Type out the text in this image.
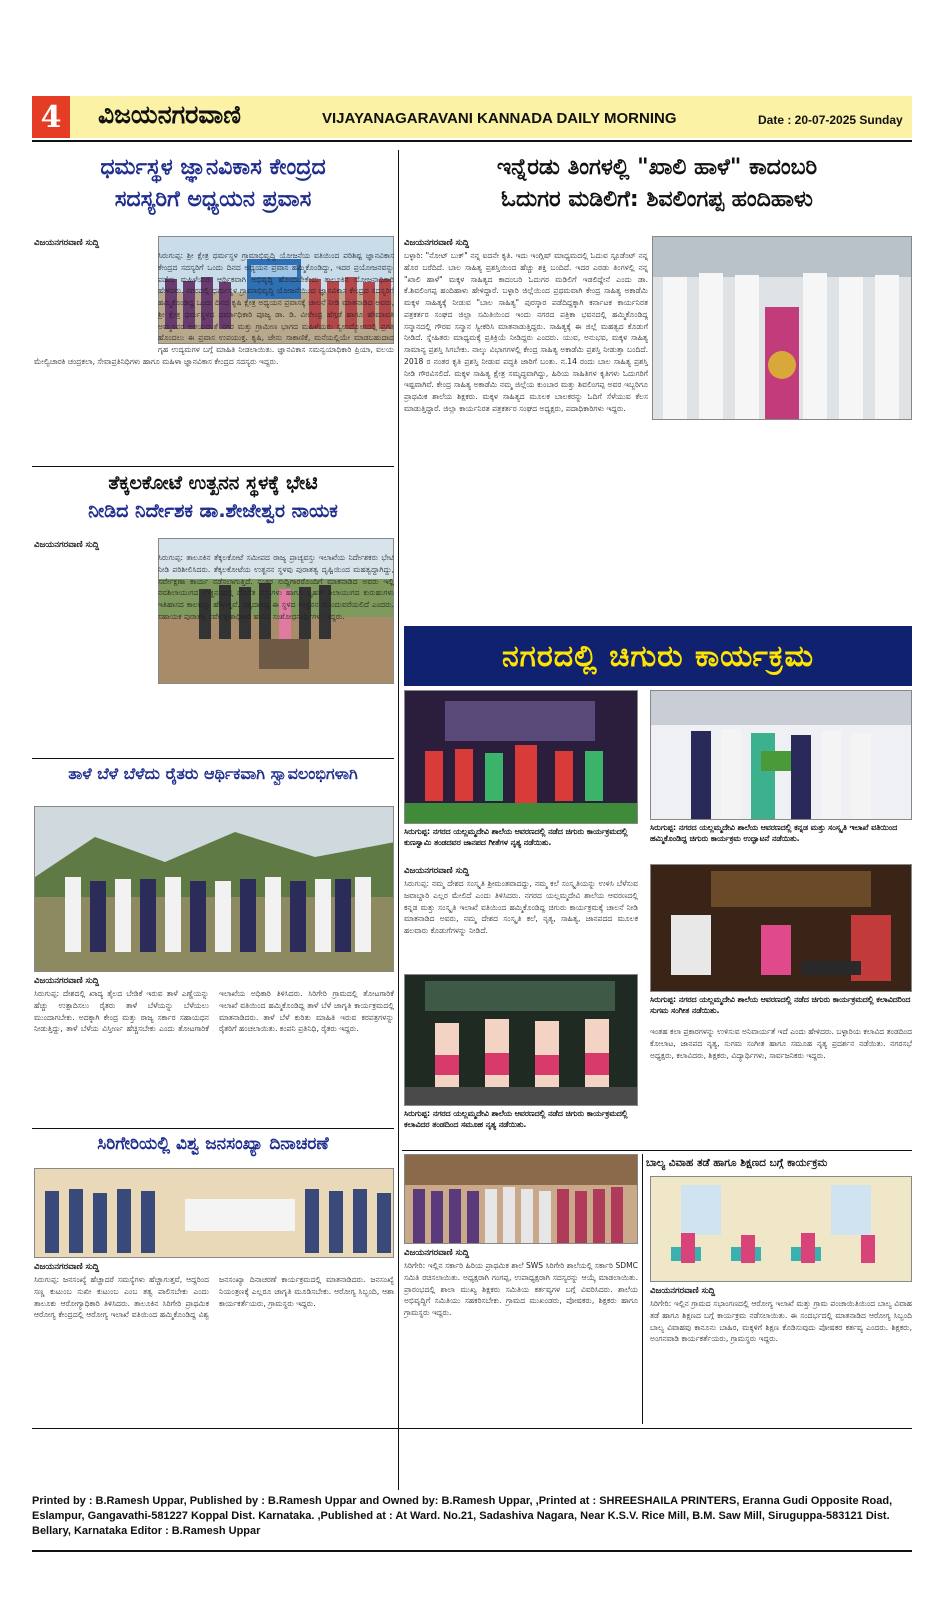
4	ವಿಜಯನಗರವಾಣಿ	VIJAYANAGARAVANI KANNADA DAILY MORNING	Date : 20-07-2025 Sunday
ಧರ್ಮಸ್ಥಳ ಜ್ಞಾನವಿಕಾಸ ಕೇಂದ್ರದ
ಸದಸ್ಯರಿಗೆ ಅಧ್ಯಯನ ಪ್ರವಾಸ
ವಿಜಯನಗರವಾಣಿ ಸುದ್ದಿ
ಸಿರುಗುಪ್ಪ: ಶ್ರೀ ಕ್ಷೇತ್ರ ಧರ್ಮಸ್ಥಳ ಗ್ರಾಮಾಭಿವೃದ್ಧಿ ಯೋಜನೆಯ ವತಿಯಿಂದ ಪರಿಶಿಷ್ಟ ಜ್ಞಾನವಿಕಾಸ ಕೇಂದ್ರದ ಸದಸ್ಯರಿಗೆ ಒಂದು ದಿನದ ಅಧ್ಯಯನ ಪ್ರವಾಸ ಹಮ್ಮಿಕೊಂಡಿದ್ದು, ಇದರ ಪ್ರಯೋಜನವನ್ನು ಪಡೆದು ಮಹಿಳೆಯರು ಆರ್ಥಿಕವಾಗಿ ಅಭಿವೃದ್ಧಿ ಹೊಂದಬೇಕೆಂದು ತಾಲೂಕಿನ ಯೋಜನಾಧಿಕಾರಿ ಹೇಳಿದರು. ನಗರದಲ್ಲಿ ಧರ್ಮಸ್ಥಳ ಗ್ರಾಮಾಭಿವೃದ್ಧಿ ಯೋಜನೆಯಿಂದ ಜ್ಞಾನವಿಕಾಸ ಕೇಂದ್ರದ ಸದಸ್ಯರಿಗೆ ಹಮ್ಮಿಕೊಂಡಿದ್ದ ಒಂದು ದಿನದ ಕೃಷಿ ಕ್ಷೇತ್ರ ಅಧ್ಯಯನ ಪ್ರವಾಸಕ್ಕೆ ಚಾಲನೆ ನೀಡಿ ಮಾತನಾಡಿದ ಅವರು, ಶ್ರೀ ಕ್ಷೇತ್ರ ಧರ್ಮಸ್ಥಳದ ಧರ್ಮಾಧಿಕಾರಿ ಪೂಜ್ಯ ಡಾ. ಡಿ. ವೀರೇಂದ್ರ ಹೆಗ್ಗಡೆ ಹಾಗೂ ಹೇಮಾವತಿ ಅಮ್ಮನವರ ಆಶಯದಂತೆ ನಗರ ಮತ್ತು ಗ್ರಾಮೀಣ ಭಾಗದ ಮಹಿಳೆಯರು ಸ್ವಉದ್ಯೋಗದಲ್ಲಿ ಪ್ರಗತಿ ಹೊಂದಲು ಈ ಪ್ರವಾಸ ಉಪಯುಕ್ತ. ಕೃಷಿ, ಜೇನು ಸಾಕಾಣಿಕೆ, ಮನೆಯಲ್ಲಿಯೇ ಮಾಡಬಹುದಾದ ಗೃಹ ಉದ್ಯಮಗಳ ಬಗ್ಗೆ ಮಾಹಿತಿ ನೀಡಲಾಯಿತು. ಜ್ಞಾನವಿಕಾಸ ಸಮನ್ವಯಾಧಿಕಾರಿ ಪ್ರಿಯಾ, ವಲಯ ಮೇಲ್ವಿಚಾರಕಿ ಚಂದ್ರಕಲಾ, ಸೇವಾಪ್ರತಿನಿಧಿಗಳು ಹಾಗೂ ಮಹಿಳಾ ಜ್ಞಾನವಿಕಾಸ ಕೇಂದ್ರದ ಸದಸ್ಯರು ಇದ್ದರು.
ತೆಕ್ಕಲಕೋಟೆ ಉತ್ಖನನ ಸ್ಥಳಕ್ಕೆ ಭೇಟಿ
ನೀಡಿದ ನಿರ್ದೇಶಕ ಡಾ.ಶೇಜೇಶ್ವರ ನಾಯಕ
ವಿಜಯನಗರವಾಣಿ ಸುದ್ದಿ
ಸಿರುಗುಪ್ಪ: ತಾಲೂಕಿನ ತೆಕ್ಕಲಕೋಟೆ ಸಮೀಪದ ರಾಜ್ಯ ಪ್ರಾಚ್ಯವಸ್ತು ಇಲಾಖೆಯ ನಿರ್ದೇಶಕರು ಭೇಟಿ ನೀಡಿ ಪರಿಶೀಲಿಸಿದರು. ತೆಕ್ಕಲಕೋಟೆಯ ಉತ್ಖನನ ಸ್ಥಳವು ಪುರಾತತ್ವ ದೃಷ್ಟಿಯಿಂದ ಮಹತ್ವದ್ದಾಗಿದ್ದು, ಸರ್ವೇಕ್ಷಣಾ ಕಾರ್ಯ ನಡೆಸಲಾಗುತ್ತಿದೆ. ನಂತರ ಸುದ್ದಿಗಾರರೊಂದಿಗೆ ಮಾತನಾಡಿದ ಅವರು ಇಲ್ಲಿ ನವಶಿಲಾಯುಗದ ಉತ್ಖನನದಲ್ಲಿ ದೊರೆತ ವಸ್ತುಗಳು ಹಾಗೂ ಬೃಹತ್ ಶಿಲಾಯುಗದ ಕುರುಹುಗಳು ಇತಿಹಾಸದ ಕಾಲವನ್ನು ಹೇಳುತ್ತವೆ. ಚಿಕ್ಕದಾಗಿದ್ದ ಈ ಸ್ಥಳದ ಉತ್ಖನನ ಮುಂದುವರೆಯಲಿದೆ ಎಂದರು. ಸಹಾಯಕ ಪುರಾತತ್ವ ಸರ್ವೇಕ್ಷಣಾಧಿಕಾರಿ ಹಾಗೂ ಸಂಶೋಧನಾರ್ಥಿಗಳು ಇದ್ದರು.
ತಾಳೆ ಬೆಳೆ ಬೆಳೆದು ರೈತರು ಆರ್ಥಿಕವಾಗಿ ಸ್ವಾವಲಂಭಿಗಳಾಗಿ
ವಿಜಯನಗರವಾಣಿ ಸುದ್ದಿ
ಸಿರುಗುಪ್ಪ: ದೇಶದಲ್ಲಿ ಖಾದ್ಯ ತೈಲದ ಬೇಡಿಕೆ ಇರುವ ತಾಳೆ ಎಣ್ಣೆಯನ್ನು ಹೆಚ್ಚು ಉತ್ಪಾದಿಸಲು ರೈತರು ತಾಳೆ ಬೆಳೆಯನ್ನು ಬೆಳೆಯಲು ಮುಂದಾಗಬೇಕು. ಅದಕ್ಕಾಗಿ ಕೇಂದ್ರ ಮತ್ತು ರಾಜ್ಯ ಸರ್ಕಾರ ಸಹಾಯಧನ ನೀಡುತ್ತಿದ್ದು, ತಾಳೆ ಬೆಳೆಯ ವಿಸ್ತೀರ್ಣ ಹೆಚ್ಚಿಸಬೇಕು ಎಂದು ತೋಟಗಾರಿಕೆ ಇಲಾಖೆಯ ಅಧಿಕಾರಿ ತಿಳಿಸಿದರು. ಸಿರಿಗೇರಿ ಗ್ರಾಮದಲ್ಲಿ ತೋಟಗಾರಿಕೆ ಇಲಾಖೆ ವತಿಯಿಂದ ಹಮ್ಮಿಕೊಂಡಿದ್ದ ತಾಳೆ ಬೆಳೆ ಜಾಗೃತಿ ಕಾರ್ಯಕ್ರಮದಲ್ಲಿ ಮಾತನಾಡಿದರು. ತಾಳೆ ಬೆಳೆ ಕುರಿತು ಮಾಹಿತಿ ಇರುವ ಕರಪತ್ರಗಳನ್ನು ರೈತರಿಗೆ ಹಂಚಲಾಯಿತು. ಕಂಪನಿ ಪ್ರತಿನಿಧಿ, ರೈತರು ಇದ್ದರು.
ಸಿರಿಗೇರಿಯಲ್ಲಿ ವಿಶ್ವ ಜನಸಂಖ್ಯಾ ದಿನಾಚರಣೆ
ವಿಜಯನಗರವಾಣಿ ಸುದ್ದಿ
ಸಿರುಗುಪ್ಪ: ಜನಸಂಖ್ಯೆ ಹೆಚ್ಚಾದರೆ ಸಮಸ್ಯೆಗಳು ಹೆಚ್ಚಾಗುತ್ತವೆ, ಆದ್ದರಿಂದ ಸಣ್ಣ ಕುಟುಂಬ ಸುಖೀ ಕುಟುಂಬ ಎಂಬ ತತ್ವ ಪಾಲಿಸಬೇಕು ಎಂದು ತಾಲೂಕು ಆರೋಗ್ಯಾಧಿಕಾರಿ ತಿಳಿಸಿದರು. ತಾಲೂಕಿನ ಸಿರಿಗೇರಿ ಪ್ರಾಥಮಿಕ ಆರೋಗ್ಯ ಕೇಂದ್ರದಲ್ಲಿ ಆರೋಗ್ಯ ಇಲಾಖೆ ವತಿಯಿಂದ ಹಮ್ಮಿಕೊಂಡಿದ್ದ ವಿಶ್ವ ಜನಸಂಖ್ಯಾ ದಿನಾಚರಣೆ ಕಾರ್ಯಕ್ರಮದಲ್ಲಿ ಮಾತನಾಡಿದರು. ಜನಸಂಖ್ಯೆ ನಿಯಂತ್ರಣಕ್ಕೆ ಎಲ್ಲರೂ ಜಾಗೃತಿ ಮೂಡಿಸಬೇಕು. ಆರೋಗ್ಯ ಸಿಬ್ಬಂದಿ, ಆಶಾ ಕಾರ್ಯಕರ್ತೆಯರು, ಗ್ರಾಮಸ್ಥರು ಇದ್ದರು.
ಇನ್ನೆರಡು ತಿಂಗಳಲ್ಲಿ "ಖಾಲಿ ಹಾಳೆ" ಕಾದಂಬರಿ
ಓದುಗರ ಮಡಿಲಿಗೆ: ಶಿವಲಿಂಗಪ್ಪ ಹಂದಿಹಾಳು
ವಿಜಯನಗರವಾಣಿ ಸುದ್ದಿ
ಬಳ್ಳಾರಿ: "ನೋಟ್ ಬುಕ್" ನನ್ನ ಐದನೇ ಕೃತಿ. ಇದು ಇಂಗ್ಲಿಷ್ ಮಾಧ್ಯಮದಲ್ಲಿ ಓದುವ ಸ್ಟೂಡೆಂಟ್ ನನ್ನ ಹೊರ ಬರೆದಿದೆ. ಬಾಲ ಸಾಹಿತ್ಯ ಪ್ರಶಸ್ತಿಯಿಂದ ಹೆಚ್ಚು ಶಕ್ತಿ ಬಂದಿದೆ. ಇದರ ಎರಡು ತಿಂಗಳಲ್ಲಿ ನನ್ನ "ಖಾಲಿ ಹಾಳೆ" ಮಕ್ಕಳ ಸಾಹಿತ್ಯದ ಕಾದಂಬರಿ ಓದುಗರ ಮಡಿಲಿಗೆ ಇಡಲಿದ್ದೇನೆ ಎಂದು ಡಾ. ಕೆ.ಶಿವಲಿಂಗಪ್ಪ ಹಂದಿಹಾಳು ಹೇಳಿದ್ದಾರೆ. ಬಳ್ಳಾರಿ ಜಿಲ್ಲೆಯಿಂದ ಪ್ರಥಮವಾಗಿ ಕೇಂದ್ರ ಸಾಹಿತ್ಯ ಅಕಾಡೆಮಿ ಮಕ್ಕಳ ಸಾಹಿತ್ಯಕ್ಕೆ ನೀಡುವ "ಬಾಲ ಸಾಹಿತ್ಯ" ಪುರಸ್ಕಾರ ಪಡೆದಿದ್ದಕ್ಕಾಗಿ ಕರ್ನಾಟಕ ಕಾರ್ಯನಿರತ ಪತ್ರಕರ್ತರ ಸಂಘದ ಜಿಲ್ಲಾ ಸಮಿತಿಯಿಂದ ಇಂದು ನಗರದ ಪತ್ರಿಕಾ ಭವನದಲ್ಲಿ ಹಮ್ಮಿಕೊಂಡಿದ್ದ ಸನ್ಮಾನದಲ್ಲಿ ಗೌರವ ಸನ್ಮಾನ ಸ್ವೀಕರಿಸಿ ಮಾತನಾಡುತ್ತಿದ್ದರು. ಸಾಹಿತ್ಯಕ್ಕೆ ಈ ಜಿಲ್ಲೆ ಮಹತ್ವದ ಕೊಡುಗೆ ನೀಡಿದೆ. ಸ್ನೇಹಿತರು ಮಾಧ್ಯಮಕ್ಕೆ ಪ್ರತಿಕ್ರಿಯೆ ನೀಡಿದ್ದರು ಎಂದರು. ಯುವ, ಅನುಭವ, ಮಕ್ಕಳ ಸಾಹಿತ್ಯ ಸಾಮಾನ್ಯ ಪ್ರಶಸ್ತಿ ಸಿಗಬೇಕು. ನಾಲ್ಕು ವಿಭಾಗಗಳಲ್ಲಿ ಕೇಂದ್ರ ಸಾಹಿತ್ಯ ಅಕಾಡೆಮಿ ಪ್ರಶಸ್ತಿ ನೀಡುತ್ತಾ ಬಂದಿದೆ. 2018 ರ ನಂತರ ಕೃತಿ ಪ್ರಶಸ್ತಿ ನೀಡುವ ಪದ್ಧತಿ ಜಾರಿಗೆ ಬಂತು. ನ.14 ರಂದು ಬಾಲ ಸಾಹಿತ್ಯ ಪ್ರಶಸ್ತಿ ನೀಡಿ ಗೌರವಿಸಲಿದೆ. ಮಕ್ಕಳ ಸಾಹಿತ್ಯ ಕ್ಷೇತ್ರ ಸಮೃದ್ಧವಾಗಿದ್ದು, ಹಿರಿಯ ಸಾಹಿತಿಗಳ ಕೃತಿಗಳು ಓದುಗರಿಗೆ ಇಷ್ಟವಾಗಿವೆ. ಕೇಂದ್ರ ಸಾಹಿತ್ಯ ಅಕಾಡೆಮಿ ನಮ್ಮ ಜಿಲ್ಲೆಯ ಕುಂಬಾರ ಮತ್ತು ಶಿವಲಿಂಗಪ್ಪ ಅವರ ಇಬ್ಬರಿಗೂ ಪ್ರಾಥಮಿಕ ಶಾಲೆಯ ಶಿಕ್ಷಕರು. ಮಕ್ಕಳ ಸಾಹಿತ್ಯದ ಮೂಲಕ ಬಾಲಕರನ್ನು ಓದಿಗೆ ಸೆಳೆಯುವ ಕೆಲಸ ಮಾಡುತ್ತಿದ್ದಾರೆ. ಜಿಲ್ಲಾ ಕಾರ್ಯನಿರತ ಪತ್ರಕರ್ತರ ಸಂಘದ ಅಧ್ಯಕ್ಷರು, ಪದಾಧಿಕಾರಿಗಳು ಇದ್ದರು.
ನಗರದಲ್ಲಿ ಚಿಗುರು ಕಾರ್ಯಕ್ರಮ
ಸಿರುಗುಪ್ಪ: ನಗರದ ಯಲ್ಲಮ್ಮದೇವಿ ಶಾಲೆಯ ಆವರಣದಲ್ಲಿ ನಡೆದ ಚಿಗುರು ಕಾರ್ಯಕ್ರಮದಲ್ಲಿ ಕುಣಸ್ವಾಮಿ ತಂಡದವರ ಜಾನಪದ ಗೀತೆಗಳ ನೃತ್ಯ ನಡೆಯಿತು.
ಸಿರುಗುಪ್ಪ: ನಗರದ ಯಲ್ಲಮ್ಮದೇವಿ ಶಾಲೆಯ ಆವರಣದಲ್ಲಿ ಕನ್ನಡ ಮತ್ತು ಸಂಸ್ಕೃತಿ ಇಲಾಖೆ ವತಿಯಿಂದ ಹಮ್ಮಿಕೊಂಡಿದ್ದ ಚಿಗುರು ಕಾರ್ಯಕ್ರಮ ಉದ್ಘಾಟನೆ ನಡೆಯಿತು.
ವಿಜಯನಗರವಾಣಿ ಸುದ್ದಿ
ಸಿರುಗುಪ್ಪ: ನಮ್ಮ ದೇಶದ ಸಂಸ್ಕೃತಿ ಶ್ರೀಮಂತವಾದದ್ದು, ನಮ್ಮ ಕಲೆ ಸಂಸ್ಕೃತಿಯನ್ನು ಉಳಿಸಿ ಬೆಳೆಸುವ ಜವಾಬ್ದಾರಿ ಎಲ್ಲರ ಮೇಲಿದೆ ಎಂದು ತಿಳಿಸಿದರು. ನಗರದ ಯಲ್ಲಮ್ಮದೇವಿ ಶಾಲೆಯ ಆವರಣದಲ್ಲಿ ಕನ್ನಡ ಮತ್ತು ಸಂಸ್ಕೃತಿ ಇಲಾಖೆ ವತಿಯಿಂದ ಹಮ್ಮಿಕೊಂಡಿದ್ದ ಚಿಗುರು ಕಾರ್ಯಕ್ರಮಕ್ಕೆ ಚಾಲನೆ ನೀಡಿ ಮಾತನಾಡಿದ ಅವರು, ನಮ್ಮ ದೇಶದ ಸಂಸ್ಕೃತಿ ಕಲೆ, ನೃತ್ಯ, ಸಾಹಿತ್ಯ, ಜಾನಪದದ ಮೂಲಕ ಹಲವಾರು ಕೊಡುಗೆಗಳನ್ನು ನೀಡಿದೆ.
ಸಿರುಗುಪ್ಪ: ನಗರದ ಯಲ್ಲಮ್ಮದೇವಿ ಶಾಲೆಯ ಆವರಣದಲ್ಲಿ ನಡೆದ ಚಿಗುರು ಕಾರ್ಯಕ್ರಮದಲ್ಲಿ ಕಲಾವಿದರಿಂದ ಸುಗಮ ಸಂಗೀತ ನಡೆಯಿತು.
ಸಿರುಗುಪ್ಪ: ನಗರದ ಯಲ್ಲಮ್ಮದೇವಿ ಶಾಲೆಯ ಆವರಣದಲ್ಲಿ ನಡೆದ ಚಿಗುರು ಕಾರ್ಯಕ್ರಮದಲ್ಲಿ ಕಲಾವಿದರ ತಂಡದಿಂದ ಸಮೂಹ ನೃತ್ಯ ನಡೆಯಿತು.
ಇಂತಹ ಕಲಾ ಪ್ರಕಾರಗಳನ್ನು ಉಳಿಸುವ ಅನಿವಾರ್ಯತೆ ಇದೆ ಎಂದು ಹೇಳಿದರು. ಬಳ್ಳಾರಿಯ ಕಲಾವಿದ ತಂಡದಿಂದ ಕೋಲಾಟ, ಜಾನಪದ ನೃತ್ಯ, ಸುಗಮ ಸಂಗೀತ ಹಾಗೂ ಸಮೂಹ ನೃತ್ಯ ಪ್ರದರ್ಶನ ನಡೆಯಿತು. ನಗರಸಭೆ ಅಧ್ಯಕ್ಷರು, ಕಲಾವಿದರು, ಶಿಕ್ಷಕರು, ವಿದ್ಯಾರ್ಥಿಗಳು, ಸಾರ್ವಜನಿಕರು ಇದ್ದರು.
ವಿಜಯನಗರವಾಣಿ ಸುದ್ದಿ
ಸಿರಿಗೇರಿ: ಇಲ್ಲಿನ ಸರ್ಕಾರಿ ಹಿರಿಯ ಪ್ರಾಥಮಿಕ ಶಾಲೆ SWS ಸಿರಿಗೇರಿ ಶಾಲೆಯಲ್ಲಿ ಸರ್ಕಾರಿ SDMC ಸಮಿತಿ ರಚಿಸಲಾಯಿತು. ಅಧ್ಯಕ್ಷರಾಗಿ ಗಂಗಪ್ಪ, ಉಪಾಧ್ಯಕ್ಷರಾಗಿ ಸದಸ್ಯರನ್ನು ಆಯ್ಕೆ ಮಾಡಲಾಯಿತು. ಪ್ರಾರಂಭದಲ್ಲಿ ಶಾಲಾ ಮುಖ್ಯ ಶಿಕ್ಷಕರು ಸಮಿತಿಯ ಕರ್ತವ್ಯಗಳ ಬಗ್ಗೆ ವಿವರಿಸಿದರು. ಶಾಲೆಯ ಅಭಿವೃದ್ಧಿಗೆ ಸಮಿತಿಯು ಸಹಕರಿಸಬೇಕು. ಗ್ರಾಮದ ಮುಖಂಡರು, ಪೋಷಕರು, ಶಿಕ್ಷಕರು ಹಾಗೂ ಗ್ರಾಮಸ್ಥರು ಇದ್ದರು.
ಬಾಲ್ಯ ವಿವಾಹ ತಡೆ ಹಾಗೂ ಶಿಕ್ಷಣದ ಬಗ್ಗೆ ಕಾರ್ಯಕ್ರಮ
ವಿಜಯನಗರವಾಣಿ ಸುದ್ದಿ
ಸಿರಿಗೇರಿ: ಇಲ್ಲಿನ ಗ್ರಾಮದ ಸಭಾಂಗಣದಲ್ಲಿ ಆರೋಗ್ಯ ಇಲಾಖೆ ಮತ್ತು ಗ್ರಾಮ ಪಂಚಾಯಿತಿಯಿಂದ ಬಾಲ್ಯ ವಿವಾಹ ತಡೆ ಹಾಗೂ ಶಿಕ್ಷಣದ ಬಗ್ಗೆ ಕಾರ್ಯಕ್ರಮ ನಡೆಸಲಾಯಿತು. ಈ ಸಂದರ್ಭದಲ್ಲಿ ಮಾತನಾಡಿದ ಆರೋಗ್ಯ ಸಿಬ್ಬಂದಿ ಬಾಲ್ಯ ವಿವಾಹವು ಕಾನೂನು ಬಾಹಿರ, ಮಕ್ಕಳಿಗೆ ಶಿಕ್ಷಣ ಕೊಡಿಸುವುದು ಪೋಷಕರ ಕರ್ತವ್ಯ ಎಂದರು. ಶಿಕ್ಷಕರು, ಅಂಗನವಾಡಿ ಕಾರ್ಯಕರ್ತೆಯರು, ಗ್ರಾಮಸ್ಥರು ಇದ್ದರು.
Printed by : B.Ramesh Uppar, Published by : B.Ramesh Uppar and Owned by: B.Ramesh Uppar, ,Printed at : SHREESHAILA PRINTERS, Eranna Gudi Opposite Road,
Eslampur, Gangavathi-581227 Koppal Dist. Karnataka. ,Published at : At Ward. No.21, Sadashiva Nagara, Near K.S.V. Rice Mill, B.M. Saw Mill, Siruguppa-583121 Dist.
Bellary, Karnataka Editor : B.Ramesh Uppar
